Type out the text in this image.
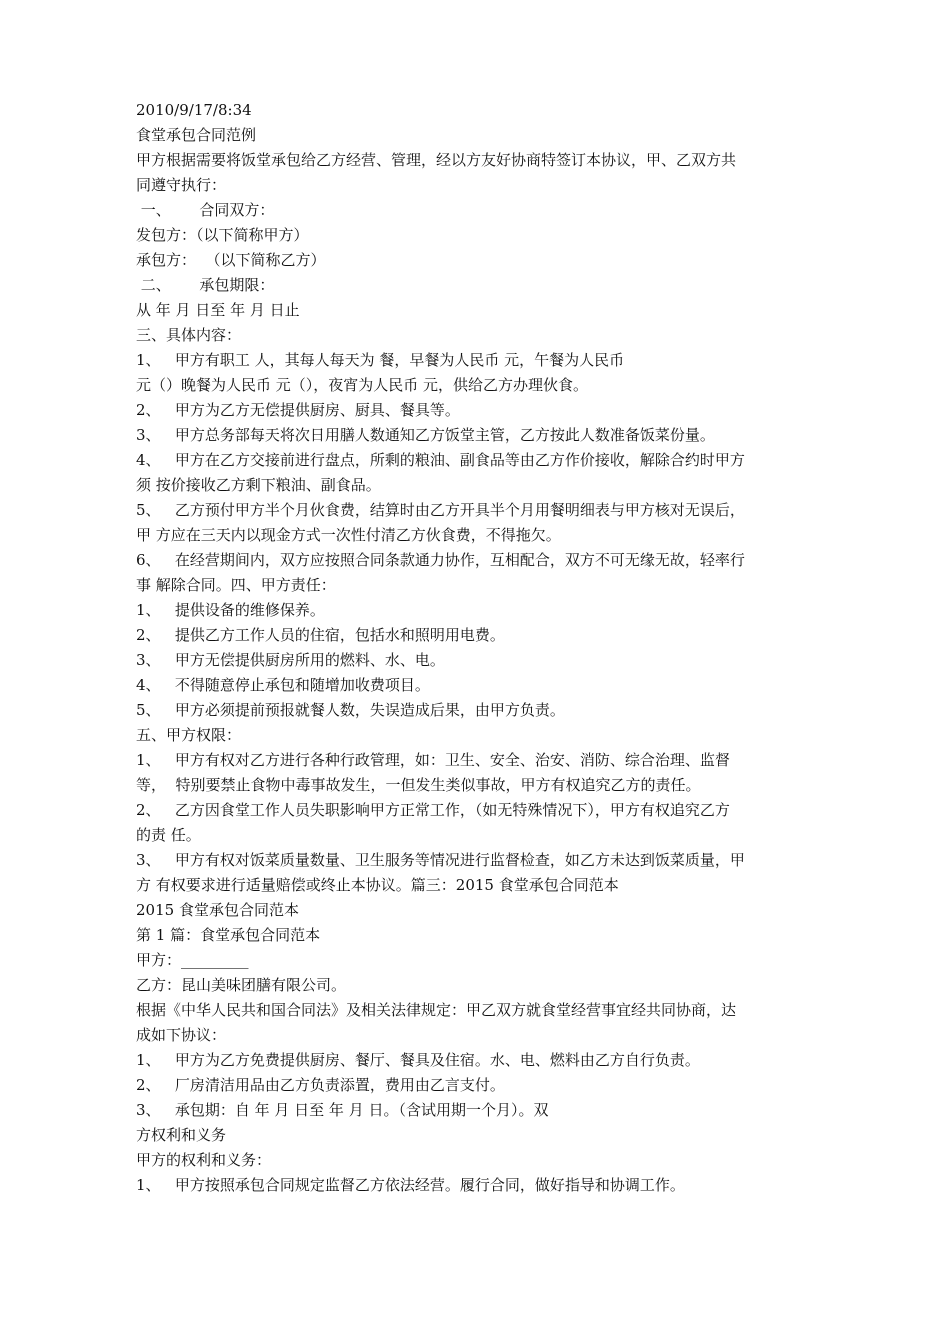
2010/9/17/8:34
食堂承包合同范例
甲方根据需要将饭堂承包给乙方经营、管理，经以方友好协商特签订本协议，甲、乙双方共
同遵守执行：
一、      合同双方：
发包方：（以下简称甲方）
承包方：  （以下简称乙方）
二、      承包期限：
从 年 月 日至 年 月 日止
三、具体内容：
1、   甲方有职工 人，其每人每天为 餐，早餐为人民币 元，午餐为人民币
元（）晚餐为人民币 元（），夜宵为人民币 元，供给乙方办理伙食。
2、   甲方为乙方无偿提供厨房、厨具、餐具等。
3、   甲方总务部每天将次日用膳人数通知乙方饭堂主管，乙方按此人数准备饭菜份量。
4、   甲方在乙方交接前进行盘点，所剩的粮油、副食品等由乙方作价接收，解除合约时甲方
须 按价接收乙方剩下粮油、副食品。
5、   乙方预付甲方半个月伙食费，结算时由乙方开具半个月用餐明细表与甲方核对无误后，
甲 方应在三天内以现金方式一次性付清乙方伙食费，不得拖欠。
6、   在经营期间内，双方应按照合同条款通力协作，互相配合，双方不可无缘无故，轻率行
事 解除合同。四、甲方责任：
1、   提供设备的维修保养。
2、   提供乙方工作人员的住宿，包括水和照明用电费。
3、   甲方无偿提供厨房所用的燃料、水、电。
4、   不得随意停止承包和随增加收费项目。
5、   甲方必须提前预报就餐人数，失误造成后果，由甲方负责。
五、甲方权限：
1、   甲方有权对乙方进行各种行政管理，如：卫生、安全、治安、消防、综合治理、监督
等，  特别要禁止食物中毒事故发生，一但发生类似事故，甲方有权追究乙方的责任。
2、   乙方因食堂工作人员失职影响甲方正常工作，（如无特殊情况下），甲方有权追究乙方
的责 任。
3、   甲方有权对饭菜质量数量、卫生服务等情况进行监督检查，如乙方未达到饭菜质量，甲
方 有权要求进行适量赔偿或终止本协议。篇三：2015 食堂承包合同范本
2015 食堂承包合同范本
第 1 篇：食堂承包合同范本
甲方：_________
乙方：昆山美味团膳有限公司。
根据《中华人民共和国合同法》及相关法律规定：甲乙双方就食堂经营事宜经共同协商，达
成如下协议：
1、   甲方为乙方免费提供厨房、餐厅、餐具及住宿。水、电、燃料由乙方自行负责。
2、   厂房清洁用品由乙方负责添置，费用由乙言支付。
3、   承包期：自 年 月 日至 年 月 日。（含试用期一个月）。双
方权利和义务
甲方的权利和义务：
1、   甲方按照承包合同规定监督乙方依法经营。履行合同，做好指导和协调工作。
